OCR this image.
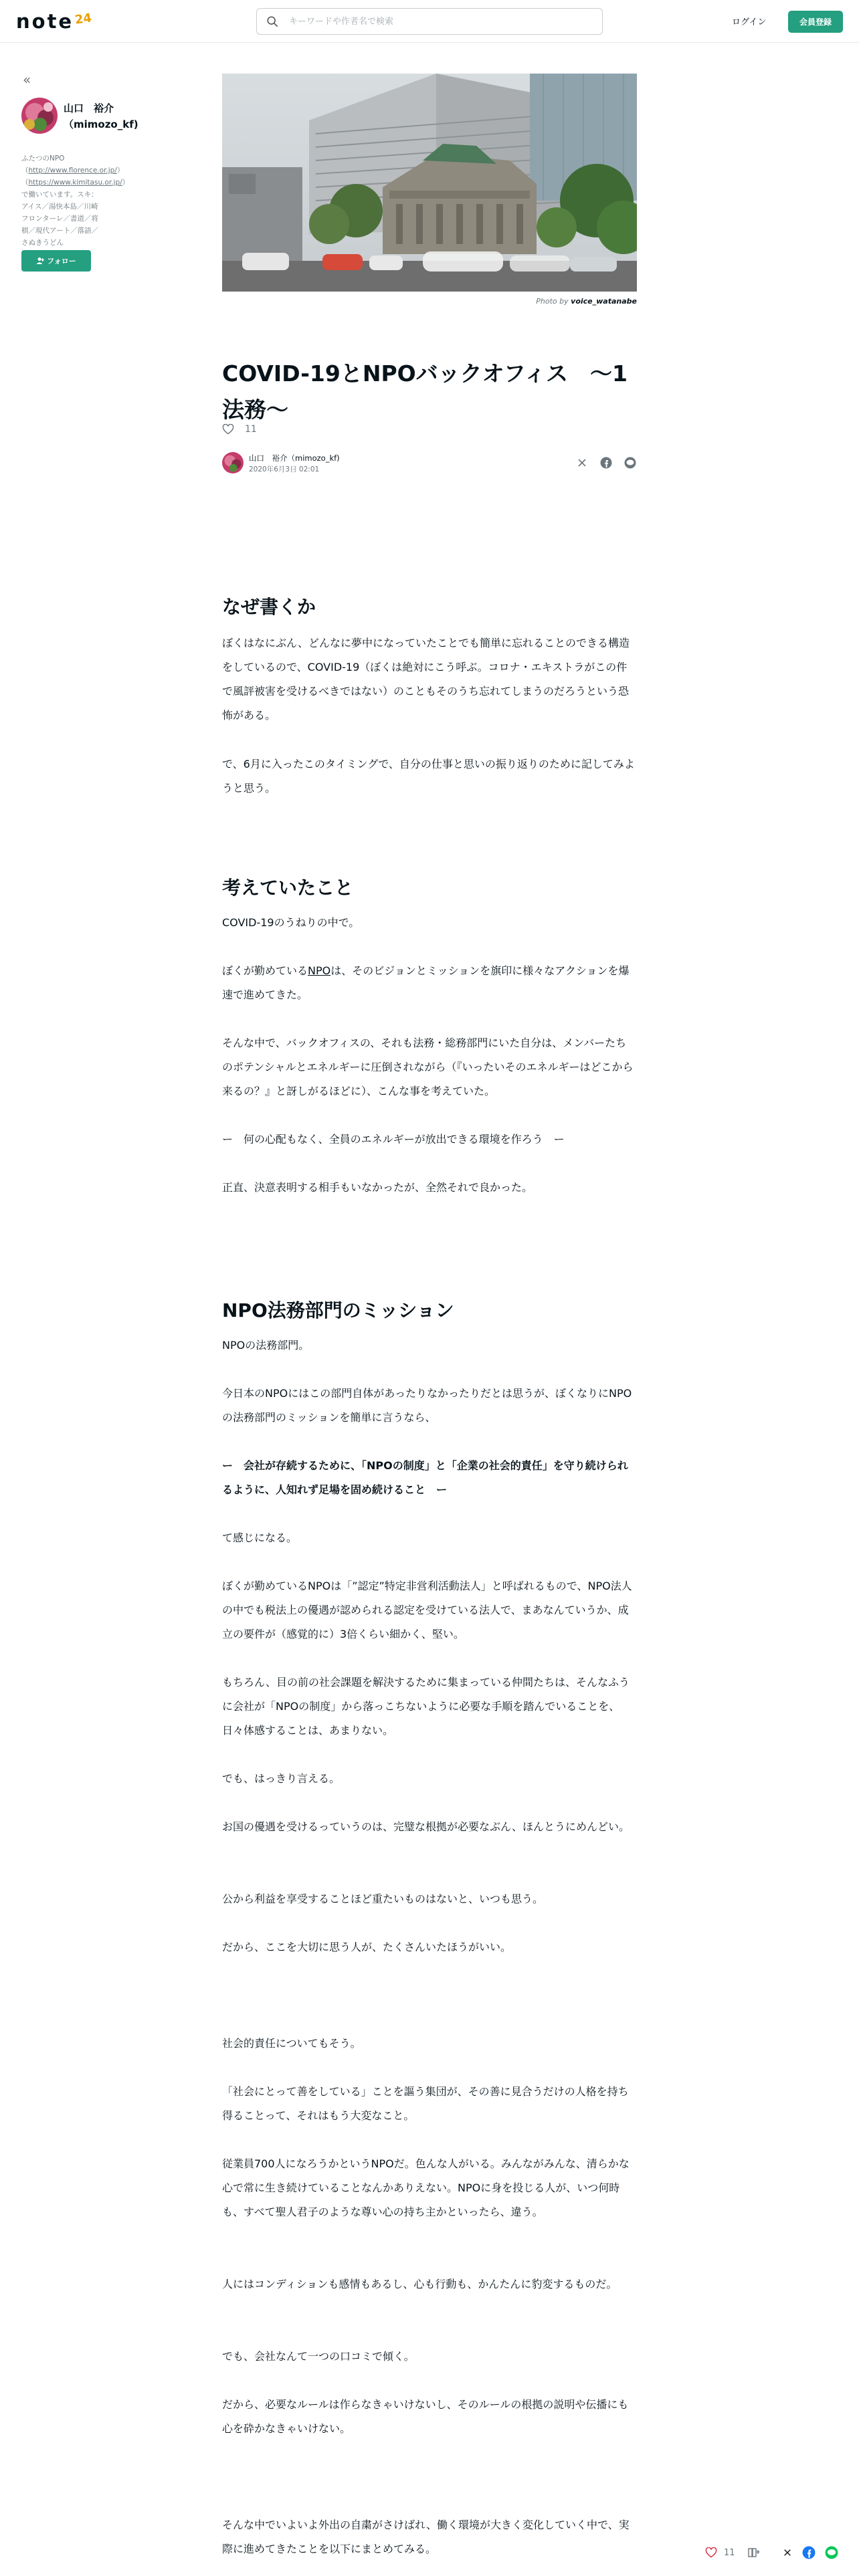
note 24
キーワードや作者名で検索	ログイン	会員登録
«
山口　裕介（mimozo_kf)
ふたつのNPO（http://www.florence.or.jp/）（https://www.kimitasu.or.jp/）で働いています。スキ：アイス／湯快本島／川崎フロンターレ／書道／将棋／現代アート／落語／さぬきうどん
フォロー
Photo by voice_watanabe
COVID-19とNPOバックオフィス　〜1 法務〜
11
山口　裕介（mimozo_kf)
2020年6月3日 02:01
なぜ書くか

ぼくはなにぶん、どんなに夢中になっていたことでも簡単に忘れることのできる構造をしているので、COVID-19（ぼくは絶対にこう呼ぶ。コロナ・エキストラがこの件で風評被害を受けるべきではない）のこともそのうち忘れてしまうのだろうという恐怖がある。

で、6月に入ったこのタイミングで、自分の仕事と思いの振り返りのために記してみようと思う。

考えていたこと

COVID-19のうねりの中で。

ぼくが勤めているNPOは、そのビジョンとミッションを旗印に様々なアクションを爆速で進めてきた。

そんな中で、バックオフィスの、それも法務・総務部門にいた自分は、メンバーたちのポテンシャルとエネルギーに圧倒されながら（『いったいそのエネルギーはどこから来るの？』と訝しがるほどに）、こんな事を考えていた。

ー　何の心配もなく、全員のエネルギーが放出できる環境を作ろう　ー

正直、決意表明する相手もいなかったが、全然それで良かった。

NPO法務部門のミッション

NPOの法務部門。

今日本のNPOにはこの部門自体があったりなかったりだとは思うが、ぼくなりにNPOの法務部門のミッションを簡単に言うなら、

ー　会社が存続するために、「NPOの制度」と「企業の社会的責任」を守り続けられるように、人知れず足場を固め続けること　ー

て感じになる。

ぼくが勤めているNPOは「”認定”特定非営利活動法人」と呼ばれるもので、NPO法人の中でも税法上の優遇が認められる認定を受けている法人で、まあなんていうか、成立の要件が（感覚的に）3倍くらい細かく、堅い。

もちろん、目の前の社会課題を解決するために集まっている仲間たちは、そんなふうに会社が「NPOの制度」から落っこちないように必要な手順を踏んでいることを、日々体感することは、あまりない。

でも、はっきり言える。

お国の優遇を受けるっていうのは、完璧な根拠が必要なぶん、ほんとうにめんどい。

公から利益を享受することほど重たいものはないと、いつも思う。

だから、ここを大切に思う人が、たくさんいたほうがいい。

社会的責任についてもそう。

「社会にとって善をしている」ことを謳う集団が、その善に見合うだけの人格を持ち得ることって、それはもう大変なこと。

従業員700人になろうかというNPOだ。色んな人がいる。みんながみんな、清らかな心で常に生き続けていることなんかありえない。NPOに身を投じる人が、いつ何時も、すべて聖人君子のような尊い心の持ち主かといったら、違う。

人にはコンディションも感情もあるし、心も行動も、かんたんに豹変するものだ。

でも、会社なんて一つの口コミで傾く。

だから、必要なルールは作らなきゃいけないし、そのルールの根拠の説明や伝播にも心を砕かなきゃいけない。

そんな中でいよいよ外出の自粛がさけばれ、働く環境が大きく変化していく中で、実際に進めてきたことを以下にまとめてみる。	11
